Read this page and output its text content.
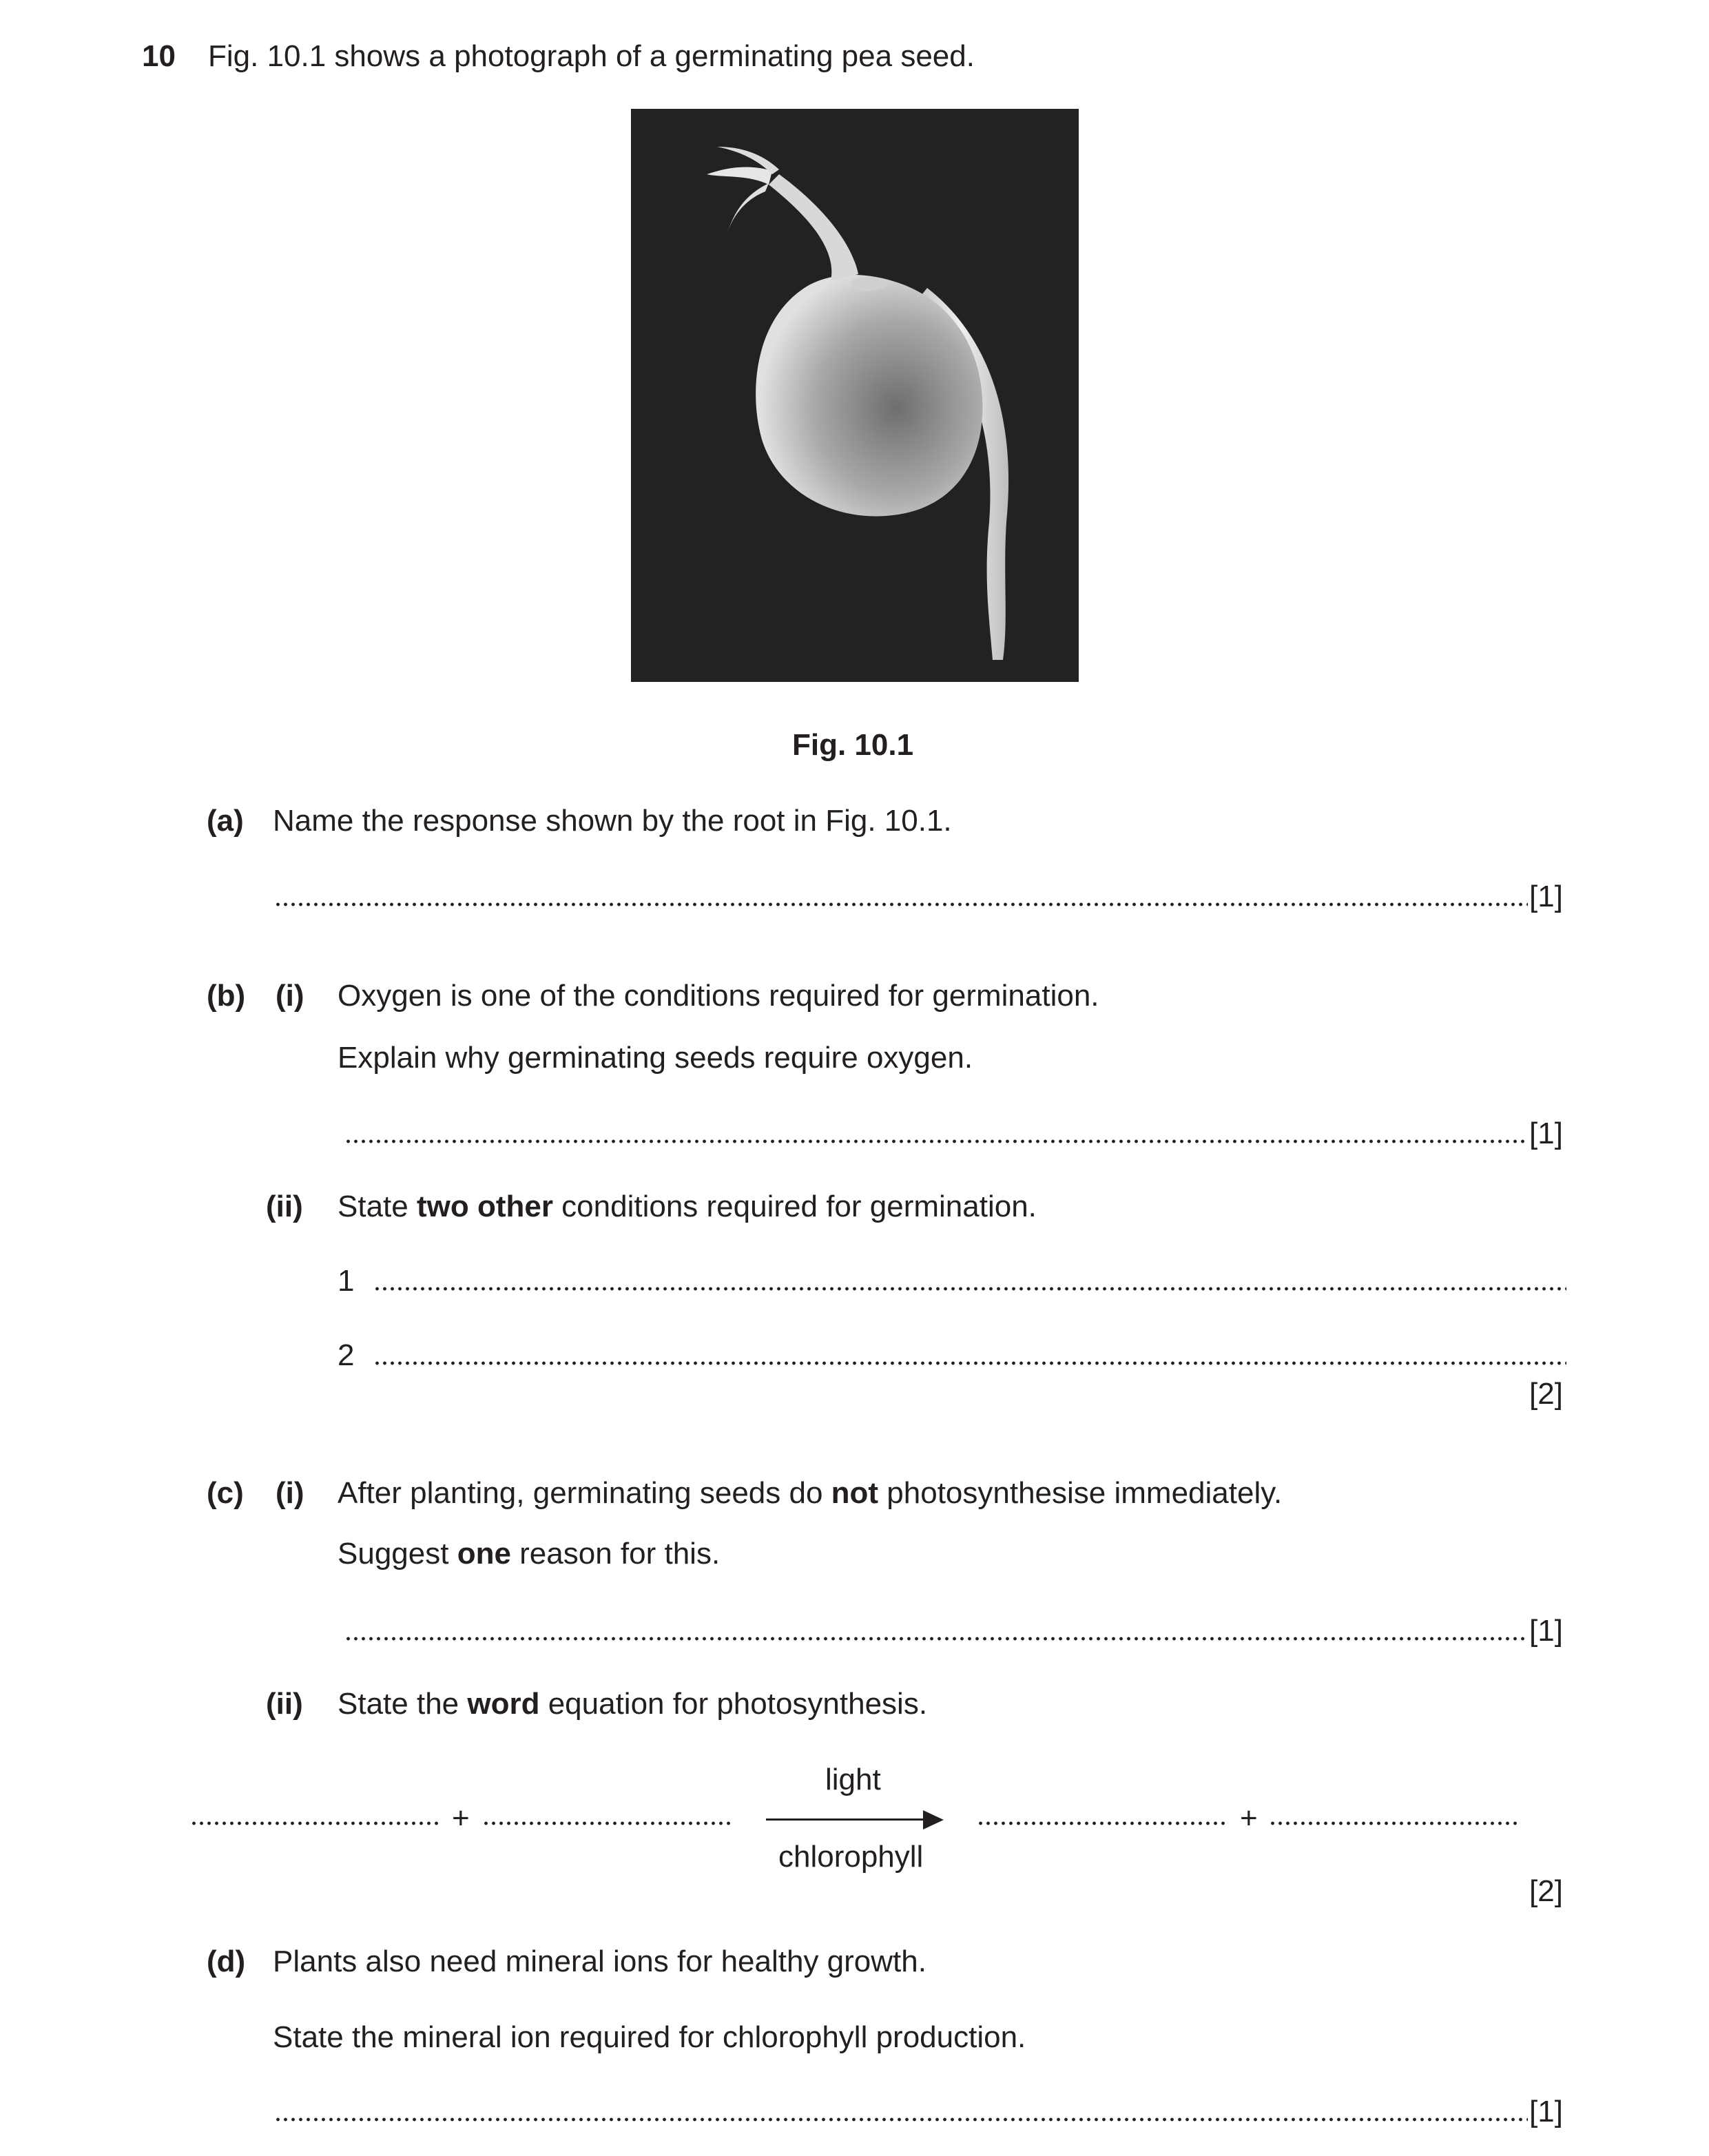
10 Fig. 10.1 shows a photograph of a germinating pea seed.
Fig. 10.1
(a) Name the response shown by the root in Fig. 10.1.
[1]
(b) (i) Oxygen is one of the conditions required for germination.
Explain why germinating seeds require oxygen.
[1]
(ii) State two other conditions required for germination.
1
2
[2]
(c) (i) After planting, germinating seeds do not photosynthesise immediately.
Suggest one reason for this.
[1]
(ii) State the word equation for photosynthesis.
+
light
chlorophyll
+
[2]
(d) Plants also need mineral ions for healthy growth.
State the mineral ion required for chlorophyll production.
[1]
